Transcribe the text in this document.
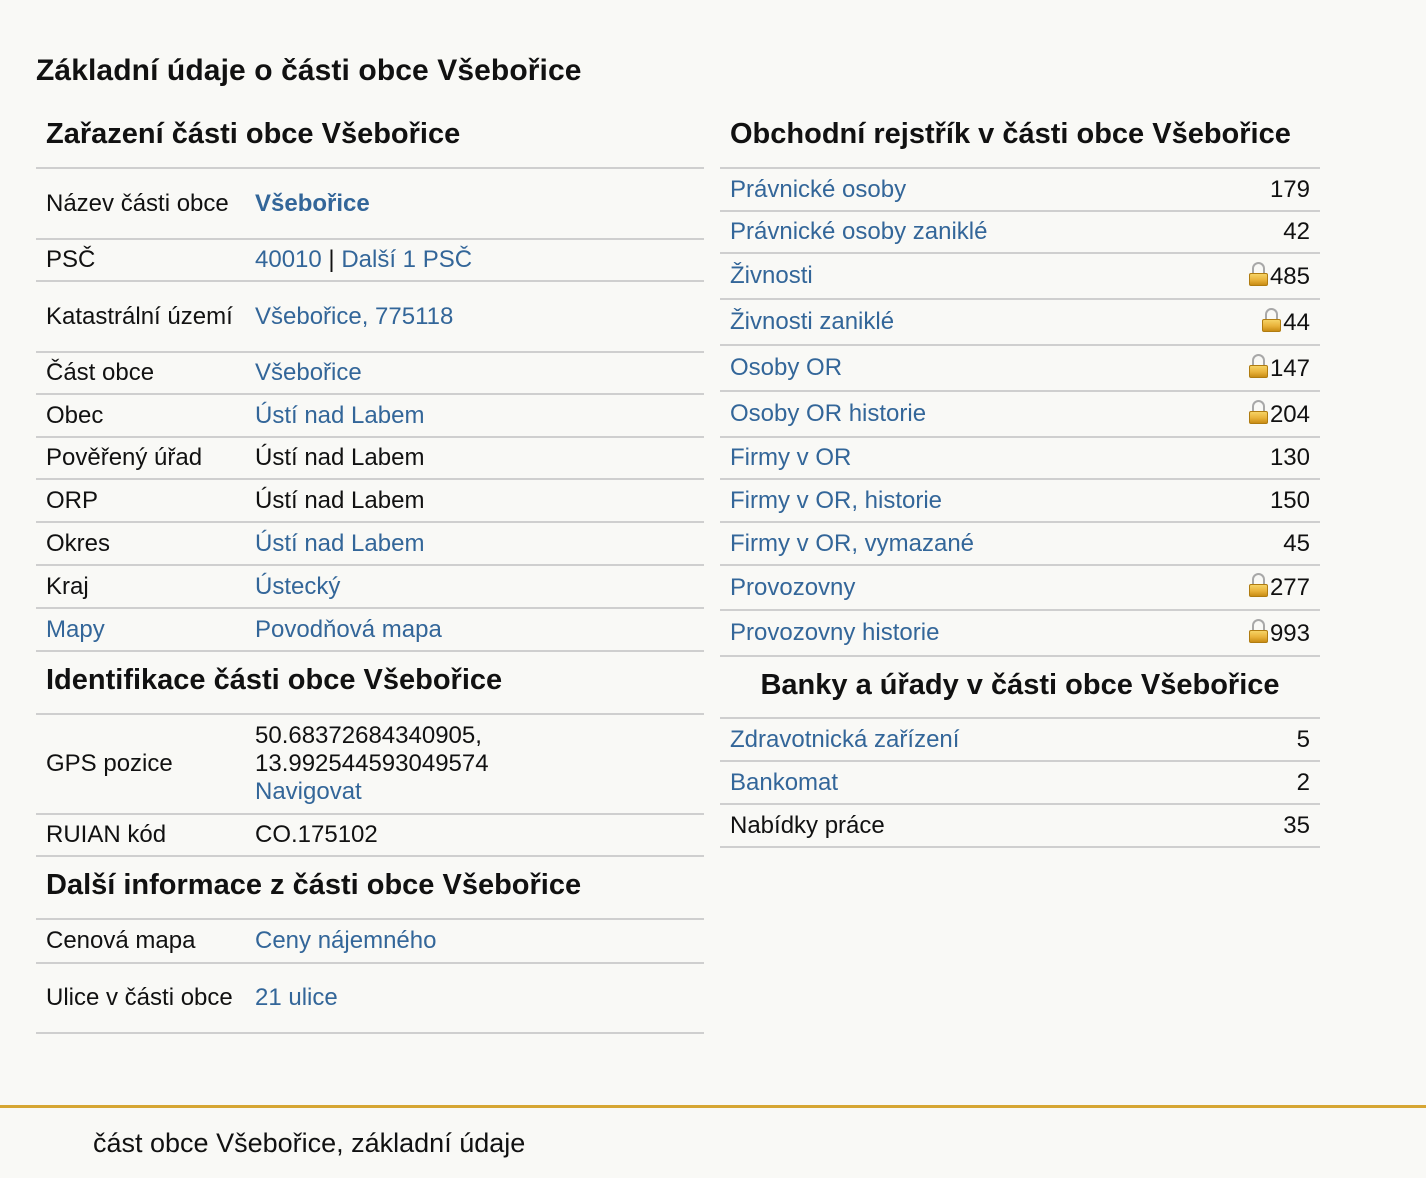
Základní údaje o části obce Všebořice
Zařazení části obce Všebořice
Název části obce	Všebořice
PSČ	40010 | Další 1 PSČ
Katastrální území	Všebořice, 775118
Část obce	Všebořice
Obec	Ústí nad Labem
Pověřený úřad	Ústí nad Labem
ORP	Ústí nad Labem
Okres	Ústí nad Labem
Kraj	Ústecký
Mapy	Povodňová mapa
Identifikace části obce Všebořice
GPS pozice	50.68372684340905,
13.992544593049574
Navigovat
RUIAN kód	CO.175102
Další informace z části obce Všebořice
Cenová mapa	Ceny nájemného
Ulice v části obce	21 ulice
Obchodní rejstřík v části obce Všebořice
Právnické osoby	179
Právnické osoby zaniklé	42
Živnosti	485
Živnosti zaniklé	44
Osoby OR	147
Osoby OR historie	204
Firmy v OR	130
Firmy v OR, historie	150
Firmy v OR, vymazané	45
Provozovny	277
Provozovny historie	993
Banky a úřady v části obce Všebořice
Zdravotnická zařízení	5
Bankomat	2
Nabídky práce	35
část obce Všebořice, základní údaje
